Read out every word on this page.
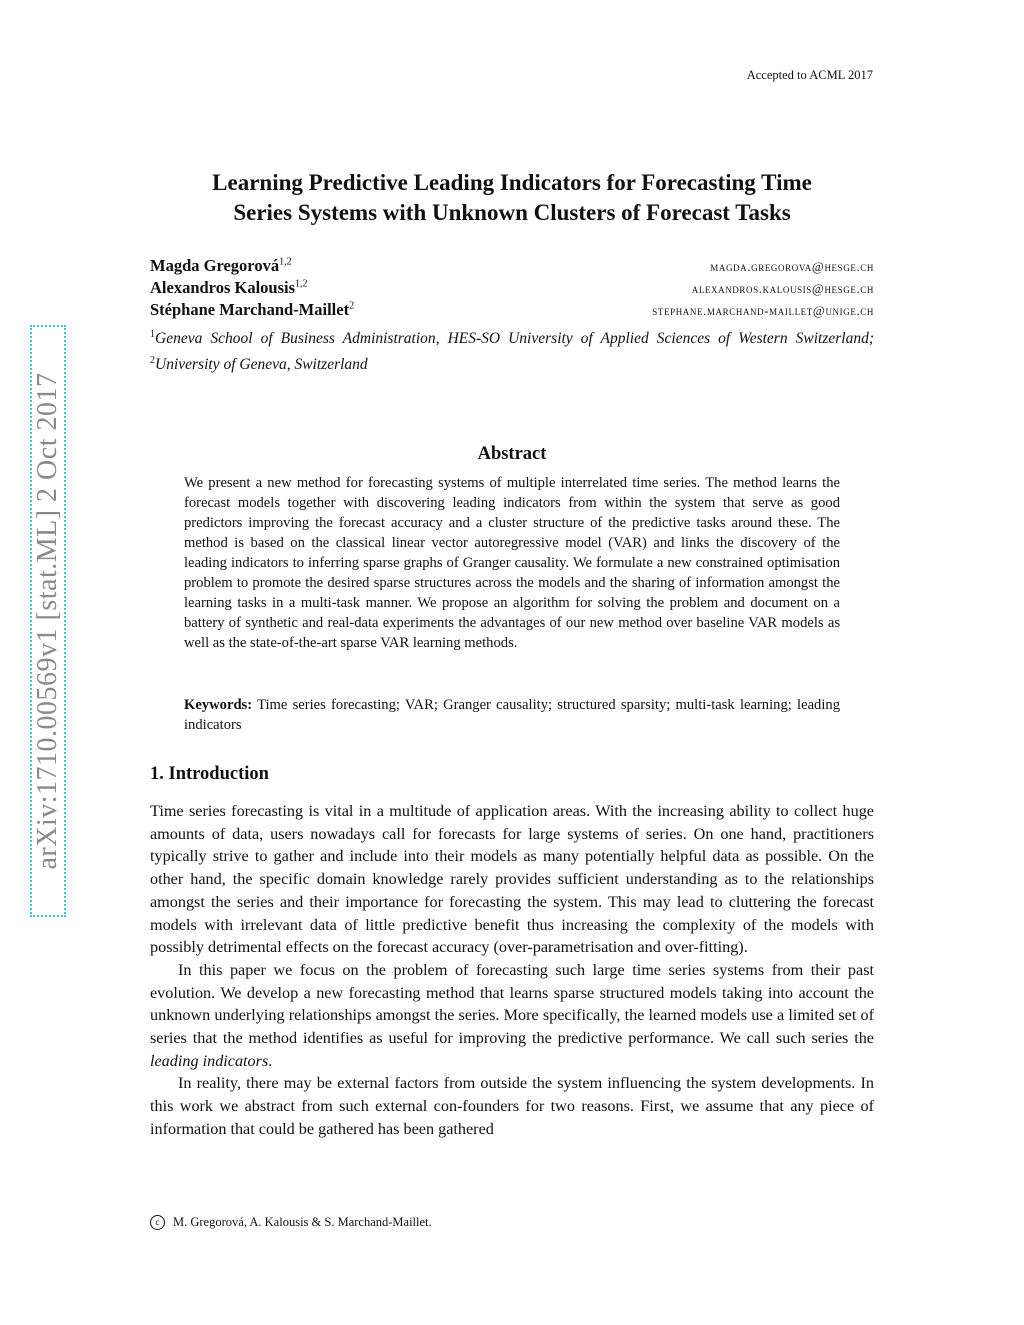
Accepted to ACML 2017
arXiv:1710.00569v1 [stat.ML] 2 Oct 2017
Learning Predictive Leading Indicators for Forecasting Time
Series Systems with Unknown Clusters of Forecast Tasks
Magda Gregorová$^{1,2}$	magda.gregorova@hesge.ch
Alexandros Kalousis$^{1,2}$	alexandros.kalousis@hesge.ch
Stéphane Marchand-Maillet$^2$	stephane.marchand-maillet@unige.ch
$^1$Geneva School of Business Administration, HES-SO University of Applied Sciences of Western Switzerland; $^2$University of Geneva, Switzerland
Abstract
We present a new method for forecasting systems of multiple interrelated time series. The method learns the forecast models together with discovering leading indicators from within the system that serve as good predictors improving the forecast accuracy and a cluster structure of the predictive tasks around these. The method is based on the classical linear vector autoregressive model (VAR) and links the discovery of the leading indicators to inferring sparse graphs of Granger causality. We formulate a new constrained optimisation problem to promote the desired sparse structures across the models and the sharing of information amongst the learning tasks in a multi-task manner. We propose an algorithm for solving the problem and document on a battery of synthetic and real-data experiments the advantages of our new method over baseline VAR models as well as the state-of-the-art sparse VAR learning methods.
Keywords: Time series forecasting; VAR; Granger causality; structured sparsity; multi-task learning; leading indicators
1. Introduction

Time series forecasting is vital in a multitude of application areas. With the increasing ability to collect huge amounts of data, users nowadays call for forecasts for large systems of series. On one hand, practitioners typically strive to gather and include into their models as many potentially helpful data as possible. On the other hand, the specific domain knowledge rarely provides sufficient understanding as to the relationships amongst the series and their importance for forecasting the system. This may lead to cluttering the forecast models with irrelevant data of little predictive benefit thus increasing the complexity of the models with possibly detrimental effects on the forecast accuracy (over-parametrisation and over-fitting).

In this paper we focus on the problem of forecasting such large time series systems from their past evolution. We develop a new forecasting method that learns sparse structured models taking into account the unknown underlying relationships amongst the series. More specifically, the learned models use a limited set of series that the method identifies as useful for improving the predictive performance. We call such series the leading indicators.

In reality, there may be external factors from outside the system influencing the system developments. In this work we abstract from such external con-founders for two reasons. First, we assume that any piece of information that could be gathered has been gathered

c M. Gregorová, A. Kalousis & S. Marchand-Maillet.
